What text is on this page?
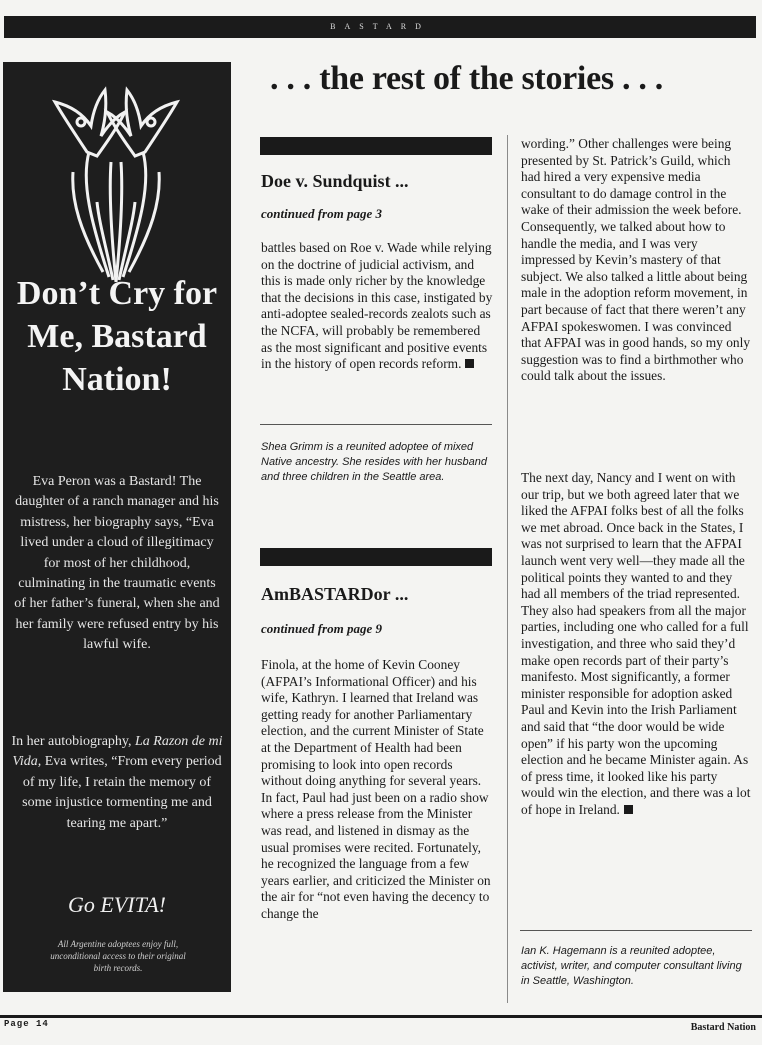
BASTARD
Don’t Cry for Me, Bastard Nation!
Eva Peron was a Bastard! The daughter of a ranch manager and his mistress, her biography says, “Eva lived under a cloud of illegitimacy for most of her childhood, culminating in the traumatic events of her father’s funeral, when she and her family were refused entry by his lawful wife.
In her autobiography, La Razon de mi Vida, Eva writes, “From every period of my life, I retain the memory of some injustice tormenting me and tearing me apart.”
Go EVITA!
All Argentine adoptees enjoy full, unconditional access to their original birth records.
. . . the rest of the stories . . .
Doe v. Sundquist ...
continued from page 3
battles based on Roe v. Wade while relying on the doctrine of judicial activism, and this is made only richer by the knowledge that the decisions in this case, instigated by anti-adoptee sealed-records zealots such as the NCFA, will probably be remembered as the most significant and positive events in the history of open records reform.
Shea Grimm is a reunited adoptee of mixed Native ancestry. She resides with her husband and three children in the Seattle area.
AmBASTARDor ...
continued from page 9
Finola, at the home of Kevin Cooney (AFPAI’s Informational Officer) and his wife, Kathryn. I learned that Ireland was getting ready for another Parliamentary election, and the current Minister of State at the Department of Health had been promising to look into open records without doing anything for several years. In fact, Paul had just been on a radio show where a press release from the Minister was read, and listened in dismay as the usual promises were recited. Fortunately, he recognized the language from a few years earlier, and criticized the Minister on the air for “not even having the decency to change the
wording.” Other challenges were being presented by St. Patrick’s Guild, which had hired a very expensive media consultant to do damage control in the wake of their admission the week before. Consequently, we talked about how to handle the media, and I was very impressed by Kevin’s mastery of that subject. We also talked a little about being male in the adoption reform movement, in part because of fact that there weren’t any AFPAI spokeswomen. I was convinced that AFPAI was in good hands, so my only suggestion was to find a birthmother who could talk about the issues.
The next day, Nancy and I went on with our trip, but we both agreed later that we liked the AFPAI folks best of all the folks we met abroad. Once back in the States, I was not surprised to learn that the AFPAI launch went very well—they made all the political points they wanted to and they had all members of the triad represented. They also had speakers from all the major parties, including one who called for a full investigation, and three who said they’d make open records part of their party’s manifesto. Most significantly, a former minister responsible for adoption asked Paul and Kevin into the Irish Parliament and said that “the door would be wide open” if his party won the upcoming election and he became Minister again. As of press time, it looked like his party would win the election, and there was a lot of hope in Ireland.
Ian K. Hagemann is a reunited adoptee, activist, writer, and computer consultant living in Seattle, Washington.
Page 14	Bastard Nation
